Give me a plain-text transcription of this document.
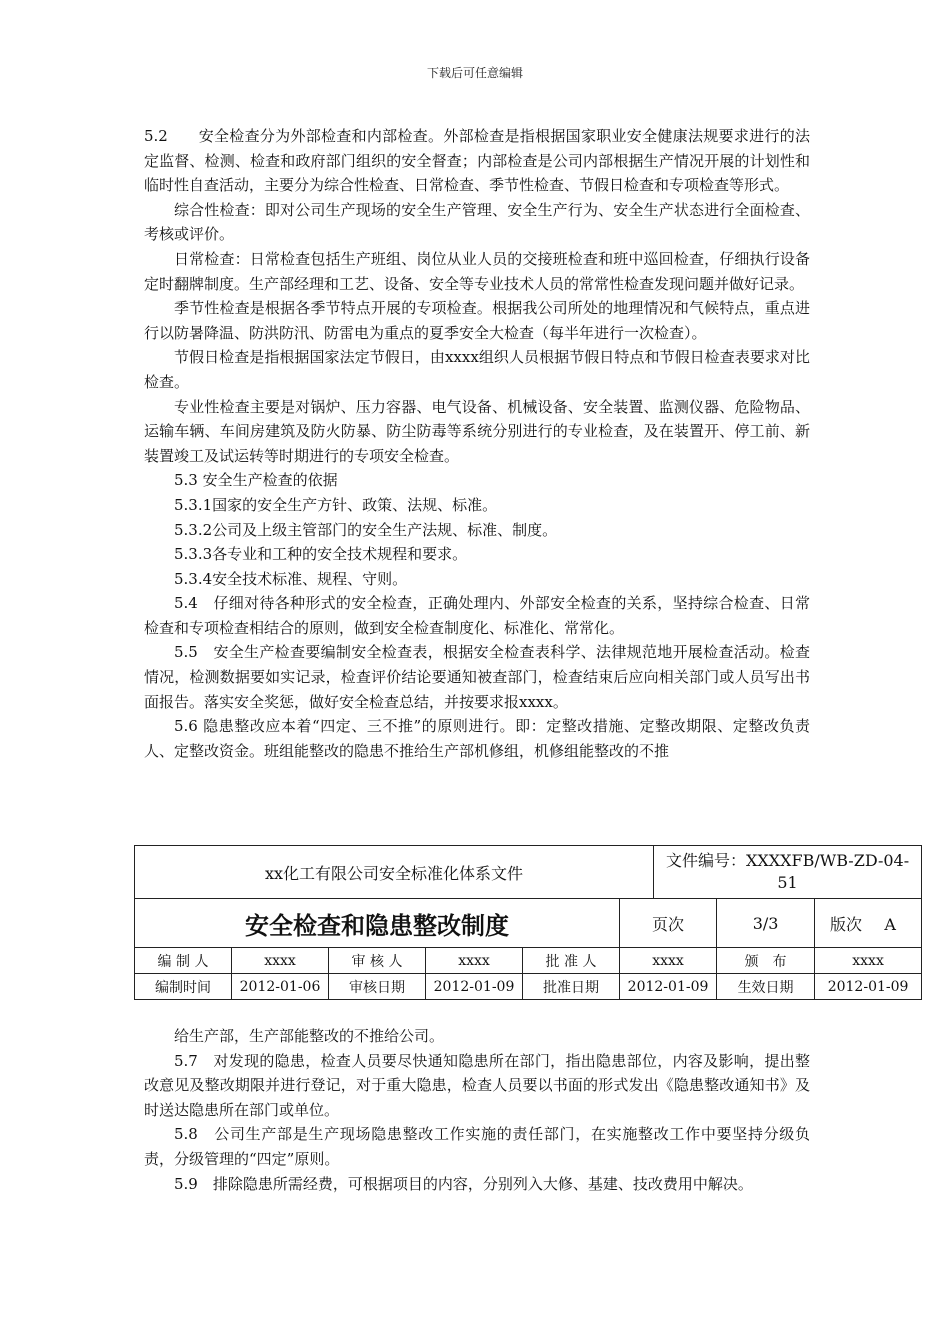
下载后可任意编辑

5.2　　安全检查分为外部检查和内部检查。外部检查是指根据国家职业安全健康法规要求进行的法定监督、检测、检查和政府部门组织的安全督查；内部检查是公司内部根据生产情况开展的计划性和临时性自查活动，主要分为综合性检查、日常检查、季节性检查、节假日检查和专项检查等形式。

综合性检查：即对公司生产现场的安全生产管理、安全生产行为、安全生产状态进行全面检查、考核或评价。

日常检查：日常检查包括生产班组、岗位从业人员的交接班检查和班中巡回检查，仔细执行设备定时翻牌制度。生产部经理和工艺、设备、安全等专业技术人员的常常性检查发现问题并做好记录。

季节性检查是根据各季节特点开展的专项检查。根据我公司所处的地理情况和气候特点，重点进行以防暑降温、防洪防汛、防雷电为重点的夏季安全大检查（每半年进行一次检查）。

节假日检查是指根据国家法定节假日，由xxxx组织人员根据节假日特点和节假日检查表要求对比检查。

专业性检查主要是对锅炉、压力容器、电气设备、机械设备、安全装置、监测仪器、危险物品、运输车辆、车间房建筑及防火防暴、防尘防毒等系统分别进行的专业检查，及在装置开、停工前、新装置竣工及试运转等时期进行的专项安全检查。

5.3 安全生产检查的依据

5.3.1国家的安全生产方针、政策、法规、标准。

5.3.2公司及上级主管部门的安全生产法规、标准、制度。

5.3.3各专业和工种的安全技术规程和要求。

5.3.4安全技术标准、规程、守则。

5.4　仔细对待各种形式的安全检查，正确处理内、外部安全检查的关系，坚持综合检查、日常检查和专项检查相结合的原则，做到安全检查制度化、标准化、常常化。

5.5　安全生产检查要编制安全检查表，根据安全检查表科学、法律规范地开展检查活动。检查情况，检测数据要如实记录，检查评价结论要通知被查部门，检查结束后应向相关部门或人员写出书面报告。落实安全奖惩，做好安全检查总结，并按要求报xxxx。

5.6 隐患整改应本着“四定、三不推”的原则进行。即：定整改措施、定整改期限、定整改负责人、定整改资金。班组能整改的隐患不推给生产部机修组，机修组能整改的不推

xx化工有限公司安全标准化体系文件						文件编号：XXXXFB/WB-ZD-04-51		
安全检查和隐患整改制度					页次		3/3	版次 A
编 制 人	xxxx	审 核 人	xxxx	批 准 人	xxxx		颁　布	xxxx
编制时间	2012-01-06	审核日期	2012-01-09	批准日期	2012-01-09		生效日期	2012-01-09

给生产部，生产部能整改的不推给公司。

5.7　对发现的隐患，检查人员要尽快通知隐患所在部门，指出隐患部位，内容及影响，提出整改意见及整改期限并进行登记，对于重大隐患，检查人员要以书面的形式发出《隐患整改通知书》及时送达隐患所在部门或单位。

5.8　公司生产部是生产现场隐患整改工作实施的责任部门，在实施整改工作中要坚持分级负责，分级管理的“四定”原则。

5.9　排除隐患所需经费，可根据项目的内容，分别列入大修、基建、技改费用中解决。
